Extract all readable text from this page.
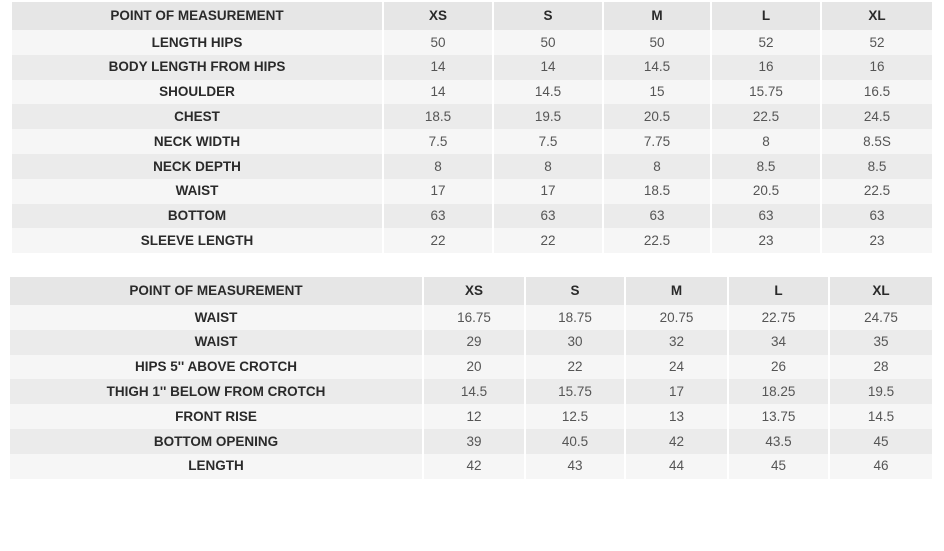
POINT OF MEASUREMENT	XS	S	M	L	XL
LENGTH HIPS	50	50	50	52	52
BODY LENGTH FROM HIPS	14	14	14.5	16	16
SHOULDER	14	14.5	15	15.75	16.5
CHEST	18.5	19.5	20.5	22.5	24.5
NECK WIDTH	7.5	7.5	7.75	8	8.5S
NECK DEPTH	8	8	8	8.5	8.5
WAIST	17	17	18.5	20.5	22.5
BOTTOM	63	63	63	63	63
SLEEVE LENGTH	22	22	22.5	23	23
POINT OF MEASUREMENT	XS	S	M	L	XL
WAIST	16.75	18.75	20.75	22.75	24.75
WAIST	29	30	32	34	35
HIPS 5'' ABOVE CROTCH	20	22	24	26	28
THIGH 1'' BELOW FROM CROTCH	14.5	15.75	17	18.25	19.5
FRONT RISE	12	12.5	13	13.75	14.5
BOTTOM OPENING	39	40.5	42	43.5	45
LENGTH	42	43	44	45	46
